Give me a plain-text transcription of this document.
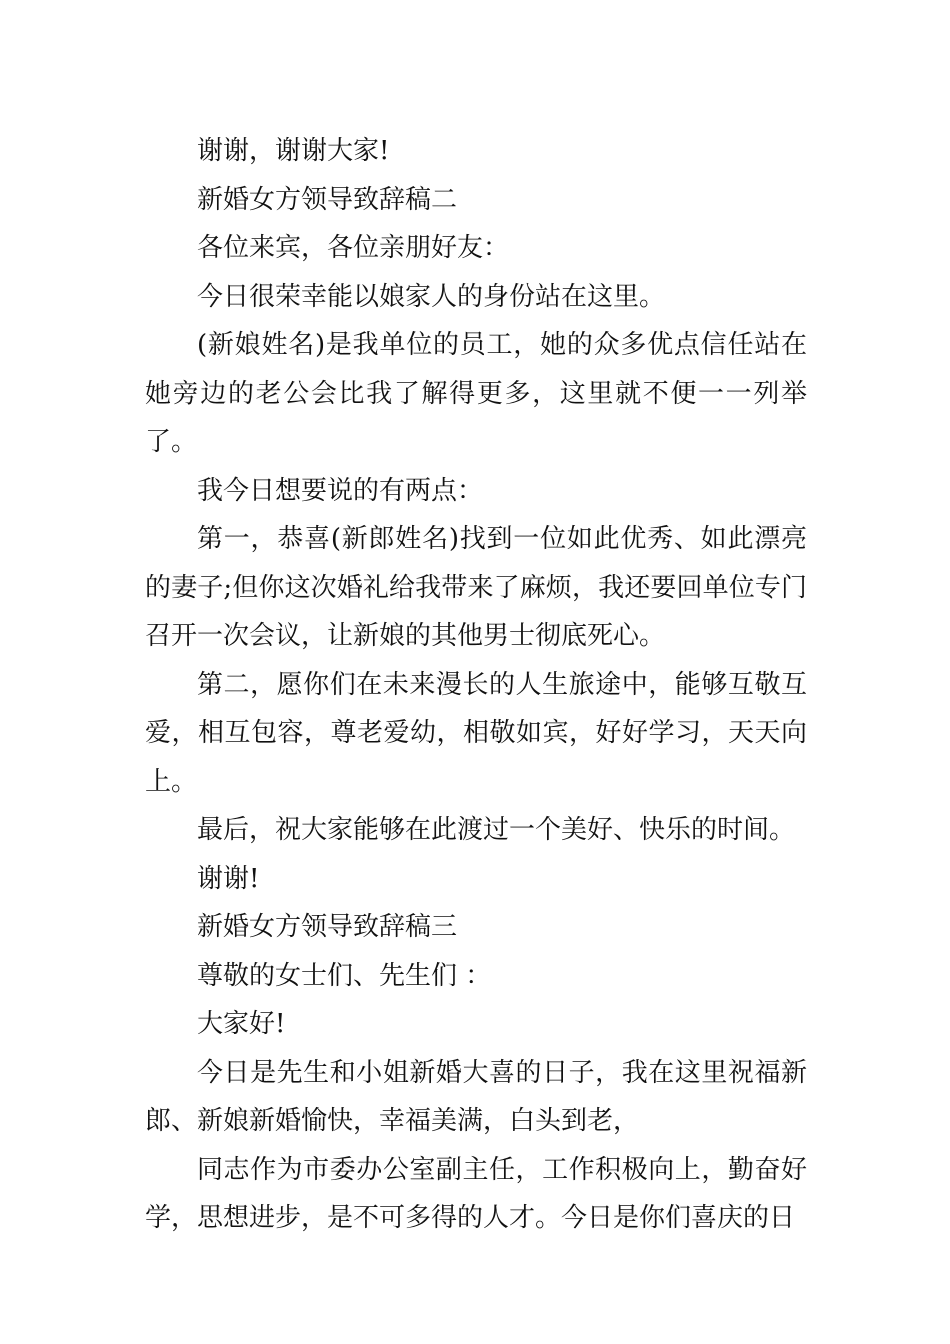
谢谢，谢谢大家!

新婚女方领导致辞稿二

各位来宾，各位亲朋好友：

今日很荣幸能以娘家人的身份站在这里。

(新娘姓名)是我单位的员工，她的众多优点信任站在她旁边的老公会比我了解得更多，这里就不便一一列举了。

我今日想要说的有两点：

第一，恭喜(新郎姓名)找到一位如此优秀、如此漂亮的妻子;但你这次婚礼给我带来了麻烦，我还要回单位专门召开一次会议，让新娘的其他男士彻底死心。

第二，愿你们在未来漫长的人生旅途中，能够互敬互爱，相互包容，尊老爱幼，相敬如宾，好好学习，天天向上。

最后，祝大家能够在此渡过一个美好、快乐的时间。

谢谢!

新婚女方领导致辞稿三

尊敬的女士们、先生们 ：

大家好!

今日是先生和小姐新婚大喜的日子，我在这里祝福新郎、新娘新婚愉快，幸福美满，白头到老，

同志作为市委办公室副主任，工作积极向上，勤奋好学，思想进步，是不可多得的人才。今日是你们喜庆的日
